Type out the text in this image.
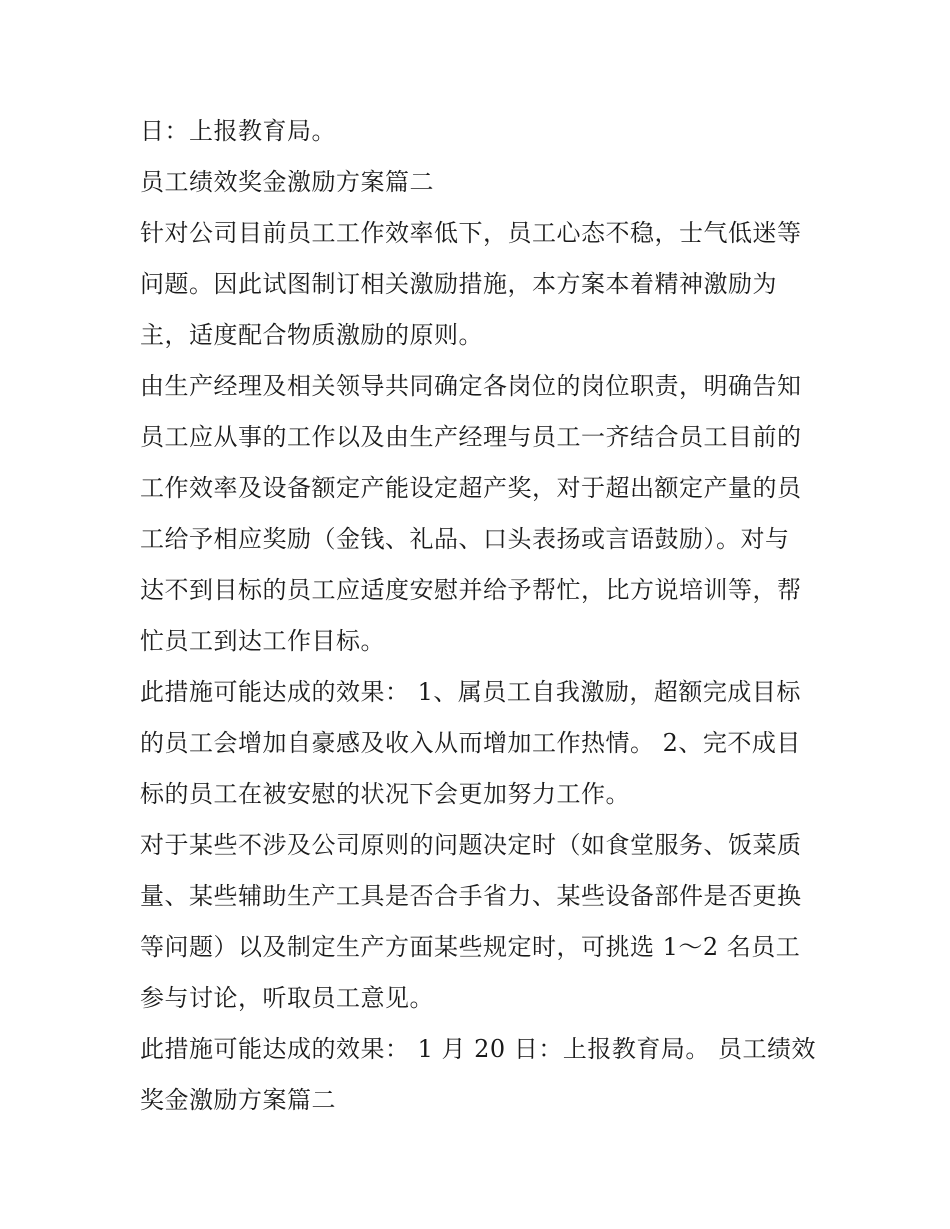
日：上报教育局。
员工绩效奖金激励方案篇二
针对公司目前员工工作效率低下，员工心态不稳，士气低迷等
问题。因此试图制订相关激励措施，本方案本着精神激励为
主，适度配合物质激励的原则。
由生产经理及相关领导共同确定各岗位的岗位职责，明确告知
员工应从事的工作以及由生产经理与员工一齐结合员工目前的
工作效率及设备额定产能设定超产奖，对于超出额定产量的员
工给予相应奖励（金钱、礼品、口头表扬或言语鼓励）。对与
达不到目标的员工应适度安慰并给予帮忙，比方说培训等，帮
忙员工到达工作目标。
此措施可能达成的效果： 1、属员工自我激励，超额完成目标
的员工会增加自豪感及收入从而增加工作热情。 2、完不成目
标的员工在被安慰的状况下会更加努力工作。
对于某些不涉及公司原则的问题决定时（如食堂服务、饭菜质
量、某些辅助生产工具是否合手省力、某些设备部件是否更换
等问题）以及制定生产方面某些规定时，可挑选 1～2 名员工
参与讨论，听取员工意见。
此措施可能达成的效果： 1 月 20 日：上报教育局。 员工绩效
奖金激励方案篇二
